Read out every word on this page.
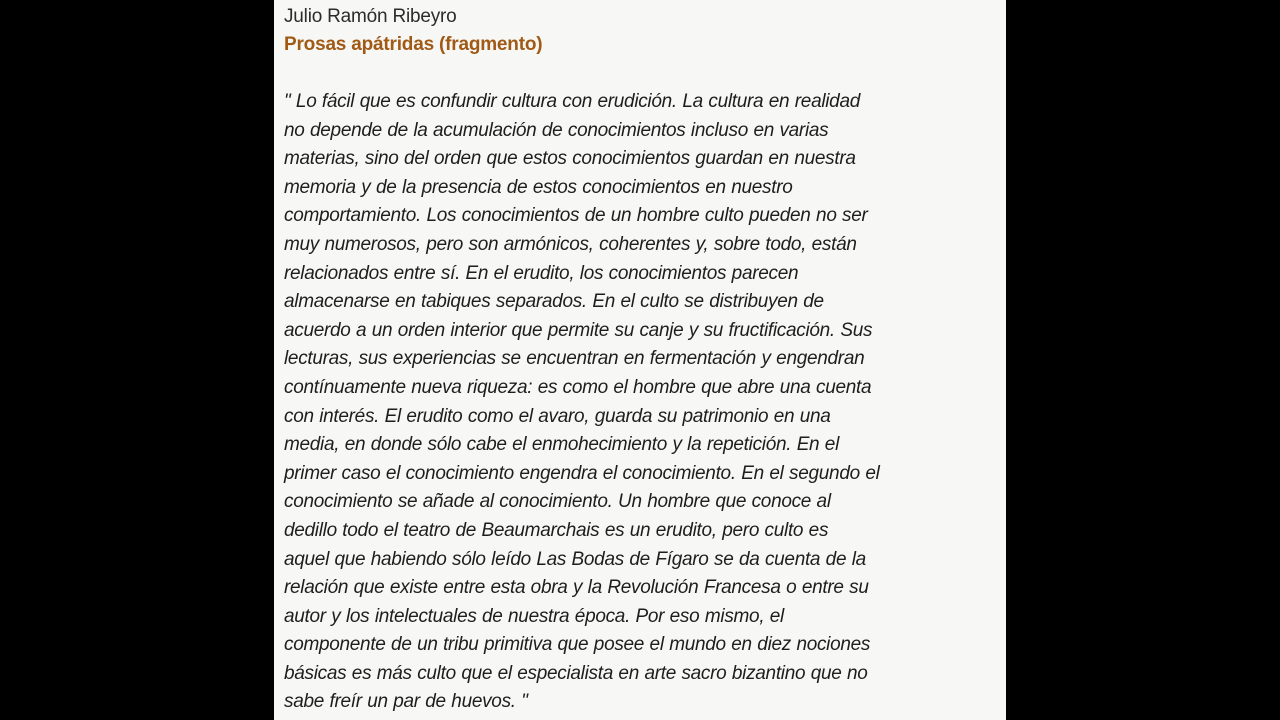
Julio Ramón Ribeyro
Prosas apátridas (fragmento)
" Lo fácil que es confundir cultura con erudición. La cultura en realidad
no depende de la acumulación de conocimientos incluso en varias
materias, sino del orden que estos conocimientos guardan en nuestra
memoria y de la presencia de estos conocimientos en nuestro
comportamiento. Los conocimientos de un hombre culto pueden no ser
muy numerosos, pero son armónicos, coherentes y, sobre todo, están
relacionados entre sí. En el erudito, los conocimientos parecen
almacenarse en tabiques separados. En el culto se distribuyen de
acuerdo a un orden interior que permite su canje y su fructificación. Sus
lecturas, sus experiencias se encuentran en fermentación y engendran
contínuamente nueva riqueza: es como el hombre que abre una cuenta
con interés. El erudito como el avaro, guarda su patrimonio en una
media, en donde sólo cabe el enmohecimiento y la repetición. En el
primer caso el conocimiento engendra el conocimiento. En el segundo el
conocimiento se añade al conocimiento. Un hombre que conoce al
dedillo todo el teatro de Beaumarchais es un erudito, pero culto es
aquel que habiendo sólo leído Las Bodas de Fígaro se da cuenta de la
relación que existe entre esta obra y la Revolución Francesa o entre su
autor y los intelectuales de nuestra época. Por eso mismo, el
componente de un tribu primitiva que posee el mundo en diez nociones
básicas es más culto que el especialista en arte sacro bizantino que no
sabe freír un par de huevos. "
